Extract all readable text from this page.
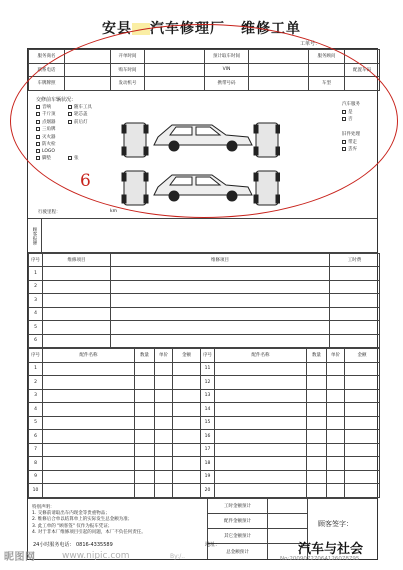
安县 汽车修理厂 维修工单
工单号：
服务商名		开单时间		预计取车时间		服务顾问	
联系电话		购车时间		VIN			配置车码
车牌牌照		发动机号		携带号码		车型	
交修前车辆状况：
音响	随车工具
千斤顶	轮芯盖
点烟器	前后灯
三角牌
灭火器
防火栓
LOGO
脚垫	张
6
行驶里程：	km
汽车服务
是
否
旧件处理
带走
丢弃
顾客报修
序号	维修项目	维修项目	工时费
1			
2			
3			
4			
5			
6			
序号	配件名称	数量	单价	金额	序号	配件名称	数量	单价	金额
1					11				
2					12				
3					13				
4					14				
5					15				
6					16				
7					17				
8					18				
9					19				
10					20				
特别声明：
1. 交修前请取出车内现金等贵重物品；
2. 维修后合单以结算单上的实际发生总金额为准；
3. 此工单的 "顾客签" 仅作为报车凭证；
4. 对于非本厂维修项目引起的问题，本厂不负任何责任。
工时金额预计
配件金额预计
其它金额预计
总金额预计
顾客签字：
24小时服务电话： 0816-4335589	地址：
昵图网	www.nipic.com	By:/..	No:20090727064126078795
汽车与社会
